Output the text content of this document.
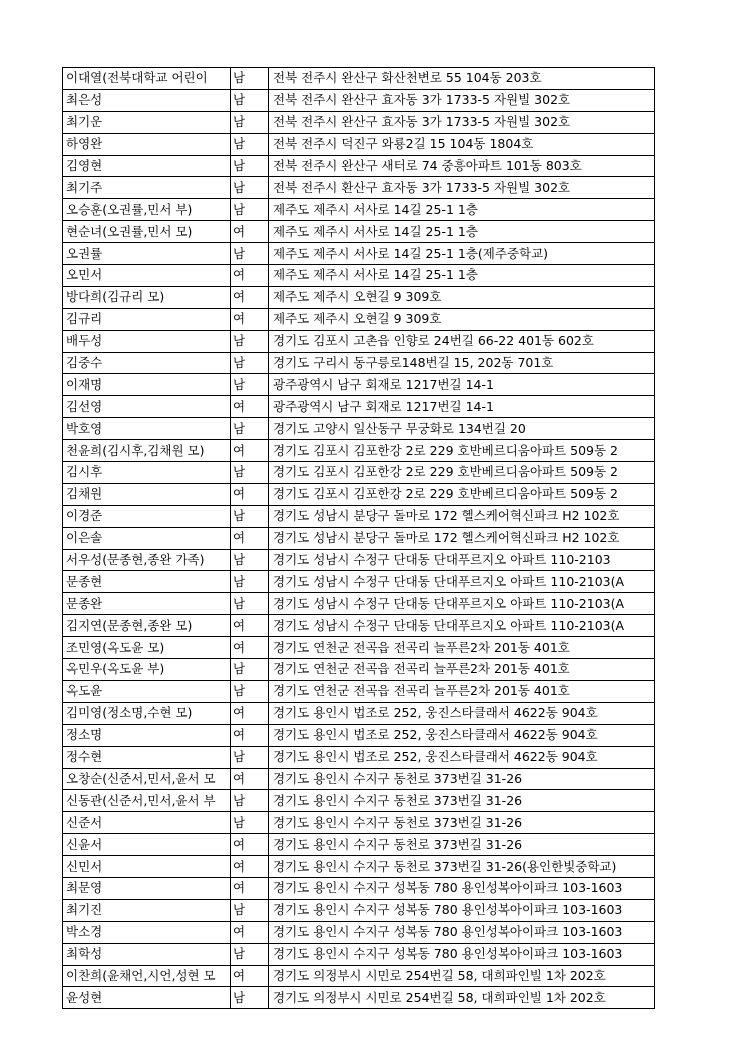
이대열(전북대학교 어린이	남	전북 전주시 완산구 화산천변로 55 104동 203호
최은성	남	전북 전주시 완산구 효자동 3가 1733-5 자원빌 302호
최기운	남	전북 전주시 완산구 효자동 3가 1733-5 자원빌 302호
하영완	남	전북 전주시 덕진구 와룡2길 15 104동 1804호
김영현	남	전북 전주시 완산구 새터로 74 중흥아파트 101동 803호
최기주	남	전북 전주시 환산구 효자동 3가 1733-5 자원빌 302호
오승훈(오권률,민서 부)	남	제주도 제주시 서사로 14길 25-1 1층
현순녀(오권률,민서 모)	여	제주도 제주시 서사로 14길 25-1 1층
오권률	남	제주도 제주시 서사로 14길 25-1 1층(제주중학교)
오민서	여	제주도 제주시 서사로 14길 25-1 1층
방다희(김규리 모)	여	제주도 제주시 오현길 9 309호
김규리	여	제주도 제주시 오현길 9 309호
배두성	남	경기도 김포시 고촌읍 인향로 24번길 66-22 401동 602호
김중수	남	경기도 구리시 동구릉로148번길 15, 202동 701호
이재명	남	광주광역시 남구 회재로 1217번길 14-1
김선영	여	광주광역시 남구 회재로 1217번길 14-1
박호영	남	경기도 고양시 일산동구 무궁화로 134번길 20
천윤희(김시후,김채원 모)	여	경기도 김포시 김포한강 2로 229 호반베르디움아파트 509동 2
김시후	남	경기도 김포시 김포한강 2로 229 호반베르디움아파트 509동 2
김채원	여	경기도 김포시 김포한강 2로 229 호반베르디움아파트 509동 2
이경준	남	경기도 성남시 분당구 돌마로 172 헬스케어혁신파크 H2 102호
이은솔	여	경기도 성남시 분당구 돌마로 172 헬스케어혁신파크 H2 102호
서우성(문종현,종완 가족)	남	경기도 성남시 수정구 단대동 단대푸르지오 아파트 110-2103
문종현	남	경기도 성남시 수정구 단대동 단대푸르지오 아파트 110-2103(A
문종완	남	경기도 성남시 수정구 단대동 단대푸르지오 아파트 110-2103(A
김지연(문종현,종완 모)	여	경기도 성남시 수정구 단대동 단대푸르지오 아파트 110-2103(A
조민영(옥도윤 모)	여	경기도 연천군 전곡읍 전곡리 늘푸른2차 201동 401호
옥민우(옥도윤 부)	남	경기도 연천군 전곡읍 전곡리 늘푸른2차 201동 401호
옥도윤	남	경기도 연천군 전곡읍 전곡리 늘푸른2차 201동 401호
김미영(정소명,수현 모)	여	경기도 용인시 법조로 252, 웅진스타클래서 4622동 904호
정소명	여	경기도 용인시 법조로 252, 웅진스타클래서 4622동 904호
정수현	남	경기도 용인시 법조로 252, 웅진스타클래서 4622동 904호
오창순(신준서,민서,윤서 모	여	경기도 용인시 수지구 동천로 373번길 31-26
신동관(신준서,민서,윤서 부	남	경기도 용인시 수지구 동천로 373번길 31-26
신준서	남	경기도 용인시 수지구 동천로 373번길 31-26
신윤서	여	경기도 용인시 수지구 동천로 373번길 31-26
신민서	여	경기도 용인시 수지구 동천로 373번길 31-26(용인한빛중학교)
최문영	여	경기도 용인시 수지구 성복동 780 용인성복아이파크 103-1603
최기진	남	경기도 용인시 수지구 성복동 780 용인성복아이파크 103-1603
박소경	여	경기도 용인시 수지구 성복동 780 용인성복아이파크 103-1603
최학성	남	경기도 용인시 수지구 성복동 780 용인성복아이파크 103-1603
이찬희(윤채언,시언,성현 모	여	경기도 의정부시 시민로 254번길 58, 대희파인빌 1차 202호
윤성현	남	경기도 의정부시 시민로 254번길 58, 대희파인빌 1차 202호
